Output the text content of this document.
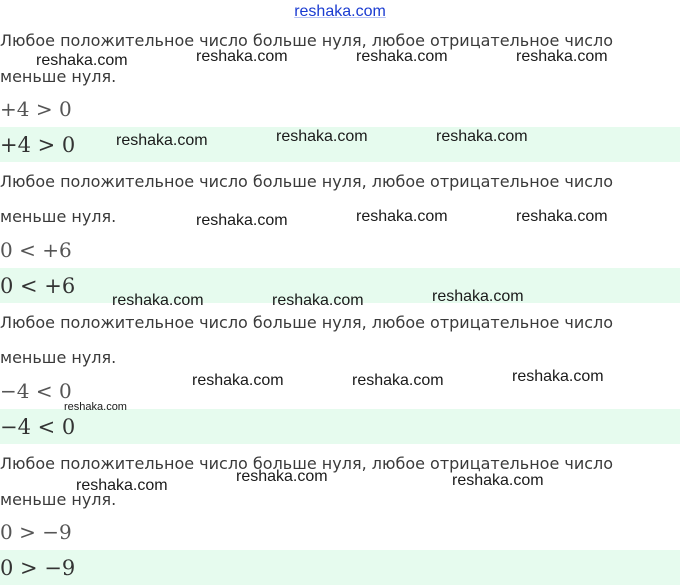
reshaka.com
Любое положительное число больше нуля, любое отрицательное число
меньше нуля.
+4 > 0
+4 > 0
Любое положительное число больше нуля, любое отрицательное число
меньше нуля.
0 < +6
0 < +6
Любое положительное число больше нуля, любое отрицательное число
меньше нуля.
−4 < 0
−4 < 0
Любое положительное число больше нуля, любое отрицательное число
меньше нуля.
0 > −9
0 > −9
reshaka.com	reshaka.com	reshaka.com	reshaka.com
reshaka.com	reshaka.com	reshaka.com
reshaka.com	reshaka.com	reshaka.com
reshaka.com	reshaka.com	reshaka.com
reshaka.com	reshaka.com	reshaka.com
reshaka.com
reshaka.com
reshaka.com	reshaka.com
